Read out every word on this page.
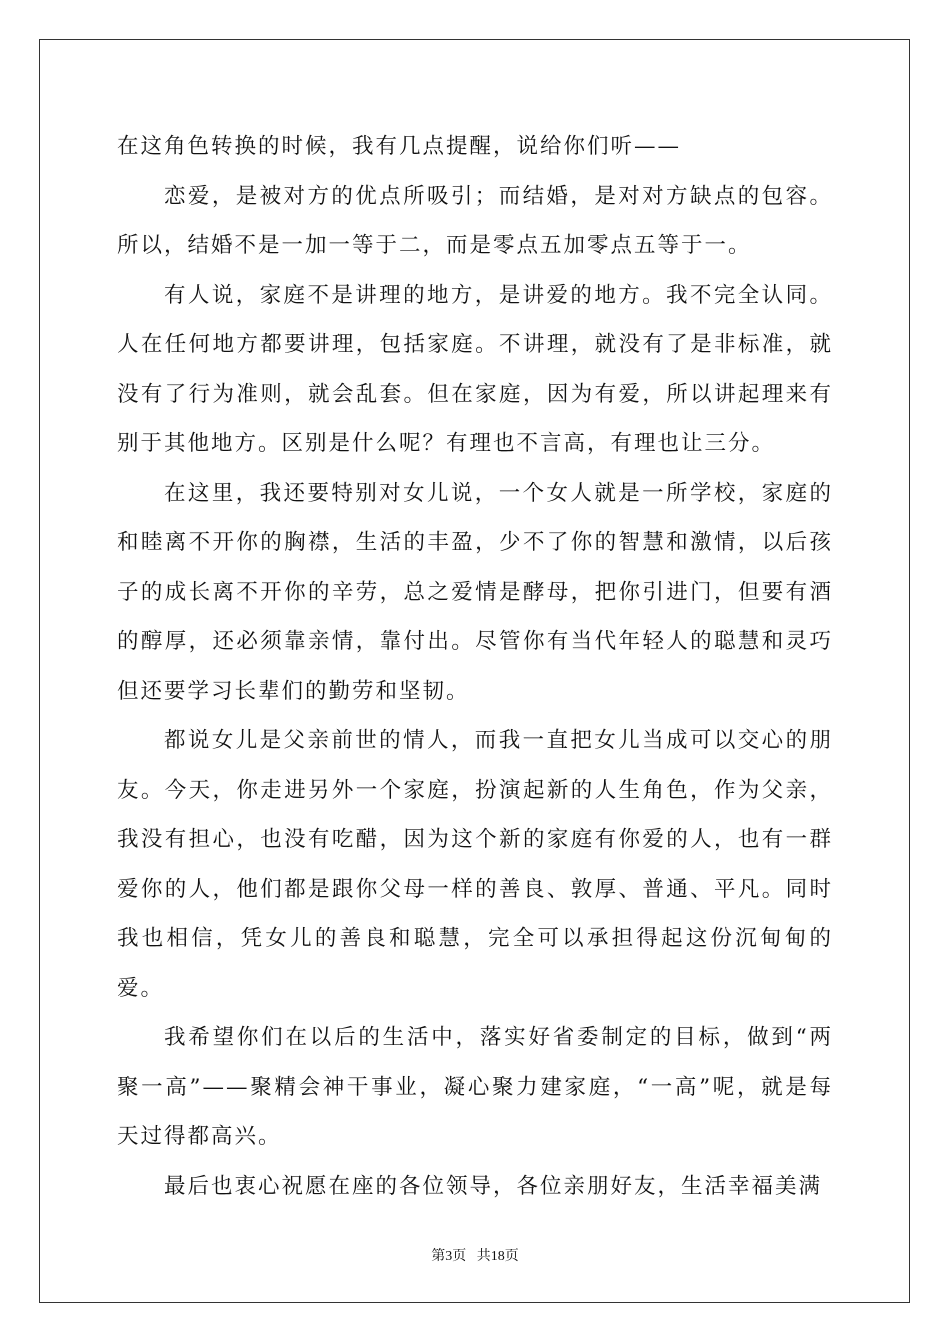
在这角色转换的时候，我有几点提醒，说给你们听——

恋爱，是被对方的优点所吸引；而结婚，是对对方缺点的包容。所以，结婚不是一加一等于二，而是零点五加零点五等于一。

有人说，家庭不是讲理的地方，是讲爱的地方。我不完全认同。人在任何地方都要讲理，包括家庭。不讲理，就没有了是非标准，就没有了行为准则，就会乱套。但在家庭，因为有爱，所以讲起理来有别于其他地方。区别是什么呢？有理也不言高，有理也让三分。

在这里，我还要特别对女儿说，一个女人就是一所学校，家庭的和睦离不开你的胸襟，生活的丰盈，少不了你的智慧和激情，以后孩子的成长离不开你的辛劳，总之爱情是酵母，把你引进门，但要有酒的醇厚，还必须靠亲情，靠付出。尽管你有当代年轻人的聪慧和灵巧但还要学习长辈们的勤劳和坚韧。

都说女儿是父亲前世的情人，而我一直把女儿当成可以交心的朋友。今天，你走进另外一个家庭，扮演起新的人生角色，作为父亲，我没有担心，也没有吃醋，因为这个新的家庭有你爱的人，也有一群爱你的人，他们都是跟你父母一样的善良、敦厚、普通、平凡。同时我也相信，凭女儿的善良和聪慧，完全可以承担得起这份沉甸甸的爱。

我希望你们在以后的生活中，落实好省委制定的目标，做到“两聚一高”——聚精会神干事业，凝心聚力建家庭，“一高”呢，就是每天过得都高兴。

最后也衷心祝愿在座的各位领导，各位亲朋好友，生活幸福美满

第3页 共18页
